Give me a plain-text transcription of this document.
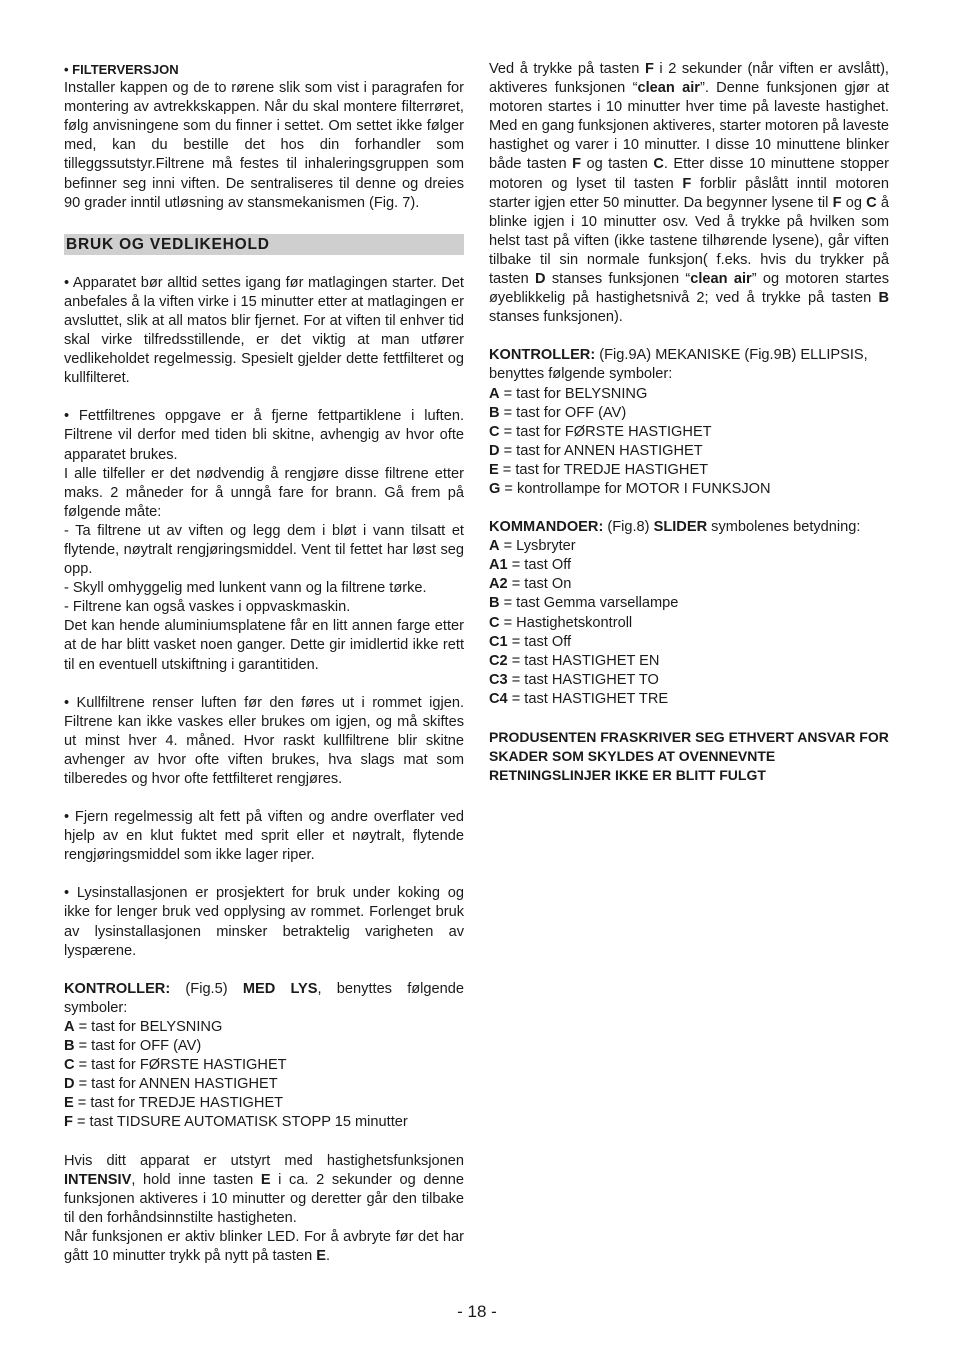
• FILTERVERSJON

Installer kappen og de to rørene slik som vist i paragrafen for montering av avtrekkskappen. Når du skal montere filterrøret, følg anvisningene som du finner i settet. Om settet ikke følger med, kan du bestille det hos din forhandler som tilleggssutstyr.Filtrene må festes til inhaleringsgruppen som befinner seg inni viften. De sentraliseres til denne og dreies 90 grader inntil utløsning av stansmekanismen (Fig. 7).

BRUK OG VEDLIKEHOLD

• Apparatet bør alltid settes igang før matlagingen starter. Det anbefales å la viften virke i 15 minutter etter at matlagingen er avsluttet, slik at all matos blir fjernet. For at viften til enhver tid skal virke tilfredsstillende, er det viktig at man utfører vedlikeholdet regelmessig. Spesielt gjelder dette fettfilteret og kullfilteret.

• Fettfiltrenes oppgave er å fjerne fettpartiklene i luften. Filtrene vil derfor med tiden bli skitne, avhengig av hvor ofte apparatet brukes.

I alle tilfeller er det nødvendig å rengjøre disse filtrene etter maks. 2 måneder for å unngå fare for brann. Gå frem på følgende måte:

- Ta filtrene ut av viften og legg dem i bløt i vann tilsatt et flytende, nøytralt rengjøringsmiddel. Vent til fettet har løst seg opp.

- Skyll omhyggelig med lunkent vann og la filtrene tørke.

- Filtrene kan også vaskes i oppvaskmaskin.

Det kan hende aluminiumsplatene får en litt annen farge etter at de har blitt vasket noen ganger. Dette gir imidlertid ikke rett til en eventuell utskiftning i garantitiden.

• Kullfiltrene renser luften før den føres ut i rommet igjen. Filtrene kan ikke vaskes eller brukes om igjen, og må skiftes ut minst hver 4. måned. Hvor raskt kullfiltrene blir skitne avhenger av hvor ofte viften brukes, hva slags mat som tilberedes og hvor ofte fettfilteret rengjøres.

• Fjern regelmessig alt fett på viften og andre overflater ved hjelp av en klut fuktet med sprit eller et nøytralt, flytende rengjøringsmiddel som ikke lager riper.

• Lysinstallasjonen er prosjektert for bruk under koking og ikke for lenger bruk ved opplysing av rommet. Forlenget bruk av lysinstallasjonen minsker betraktelig varigheten av lyspærene.

KONTROLLER: (Fig.5) MED LYS, benyttes følgende symboler:

A = tast for BELYSNING

B = tast for OFF (AV)

C = tast for FØRSTE HASTIGHET

D = tast for ANNEN HASTIGHET

E = tast for TREDJE HASTIGHET

F = tast TIDSURE AUTOMATISK STOPP 15 minutter

Hvis ditt apparat er utstyrt med hastighetsfunksjonen INTENSIV, hold inne tasten E i ca. 2 sekunder og denne funksjonen aktiveres i 10 minutter og deretter går den tilbake til den forhåndsinnstilte hastigheten.

Når funksjonen er aktiv blinker LED. For å avbryte før det har gått 10 minutter trykk på nytt på tasten E.

Ved å trykke på tasten F i 2 sekunder (når viften er avslått), aktiveres funksjonen “clean air”. Denne funksjonen gjør at motoren startes i 10 minutter hver time på laveste hastighet. Med en gang funksjonen aktiveres, starter motoren på laveste hastighet og varer i 10 minutter. I disse 10 minuttene blinker både tasten F og tasten C. Etter disse 10 minuttene stopper motoren og lyset til tasten F forblir påslått inntil motoren starter igjen etter 50 minutter. Da begynner lysene til F og C å blinke igjen i 10 minutter osv. Ved å trykke på hvilken som helst tast på viften (ikke tastene tilhørende lysene), går viften tilbake til sin normale funksjon( f.eks. hvis du trykker på tasten D stanses funksjonen “clean air” og motoren startes øyeblikkelig på hastighetsnivå 2; ved å trykke på tasten B stanses funksjonen).

KONTROLLER: (Fig.9A) MEKANISKE (Fig.9B) ELLIPSIS, benyttes følgende symboler:

A = tast for BELYSNING

B = tast for OFF (AV)

C = tast for FØRSTE HASTIGHET

D = tast for ANNEN HASTIGHET

E = tast for TREDJE HASTIGHET

G = kontrollampe for MOTOR I FUNKSJON

KOMMANDOER: (Fig.8) SLIDER symbolenes betydning:

A = Lysbryter

A1 = tast Off

A2 = tast On

B = tast Gemma varsellampe

C = Hastighetskontroll

C1 = tast Off

C2 = tast HASTIGHET EN

C3 = tast HASTIGHET TO

C4 = tast HASTIGHET TRE

PRODUSENTEN FRASKRIVER SEG ETHVERT ANSVAR FOR SKADER SOM SKYLDES AT OVENNEVNTE RETNINGSLINJER IKKE ER BLITT FULGT

- 18 -
